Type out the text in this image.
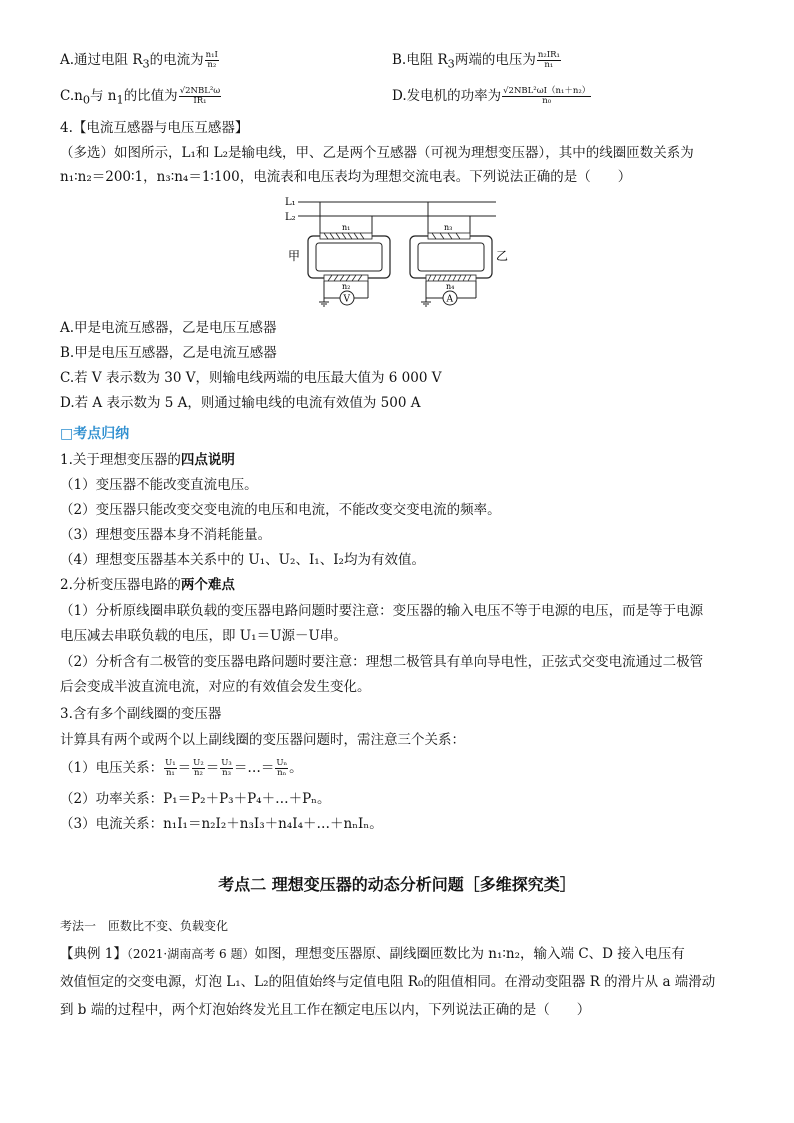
A.通过电阻 $R_3$的电流为 $\frac{\text{n₁I}}{\text{n₂}}$	B.电阻 $R_3$两端的电压为 $\frac{\text{n₂IR₁}}{\text{n₁}}$
$C.n_0$与 $n_1$的比值为 $\frac{\text{√2NBL²ω}}{\text{IR₁}}$	D.发电机的功率为 $\frac{\text{√2NBL²ωI（n₁＋n₂）}}{\text{n₀}}$
4.【电流互感器与电压互感器】
（多选）如图所示，L₁和 L₂是输电线，甲、乙是两个互感器（可视为理想变压器），其中的线圈匝数关系为
n₁∶n₂＝200∶1，n₃∶n₄＝1∶100，电流表和电压表均为理想交流电表。下列说法正确的是（　　）
L₁
L₂
n₁
n₂
V
甲
n₃
n₄
A
乙
A.甲是电流互感器，乙是电压互感器
B.甲是电压互感器，乙是电流互感器
C.若 V 表示数为 30 V，则输电线两端的电压最大值为 6 000 V
D.若 A 表示数为 5 A，则通过输电线的电流有效值为 500 A
□考点归纳
1.关于理想变压器的四点说明
（1）变压器不能改变直流电压。
（2）变压器只能改变交变电流的电压和电流，不能改变交变电流的频率。
（3）理想变压器本身不消耗能量。
（4）理想变压器基本关系中的 U₁、U₂、I₁、I₂均为有效值。
2.分析变压器电路的两个难点
（1）分析原线圈串联负载的变压器电路问题时要注意：变压器的输入电压不等于电源的电压，而是等于电源
电压减去串联负载的电压，即 U₁＝U源－U串。
（2）分析含有二极管的变压器电路问题时要注意：理想二极管具有单向导电性，正弦式交变电流通过二极管
后会变成半波直流电流，对应的有效值会发生变化。
3.含有多个副线圈的变压器
计算具有两个或两个以上副线圈的变压器问题时，需注意三个关系：
（1）电压关系： $\frac{\text{U₁}}{\text{n₁}} = \frac{\text{U₂}}{\text{n₂}} = \frac{\text{U₃}}{\text{n₃}}$ ＝…＝ $\frac{\text{Uₙ}}{\text{nₙ}}$ 。
（2）功率关系：P₁＝P₂＋P₃＋P₄＋…＋Pₙ。
（3）电流关系：n₁I₁＝n₂I₂＋n₃I₃＋n₄I₄＋…＋nₙIₙ。
考点二 理想变压器的动态分析问题［多维探究类］
考法一　匝数比不变、负载变化
【典例 1】（2021·湖南高考 6 题）如图，理想变压器原、副线圈匝数比为 n₁∶n₂，输入端 C、D 接入电压有
效值恒定的交变电源，灯泡 L₁、L₂的阻值始终与定值电阻 R₀的阻值相同。在滑动变阻器 R 的滑片从 a 端滑动
到 b 端的过程中，两个灯泡始终发光且工作在额定电压以内，下列说法正确的是（　　）
